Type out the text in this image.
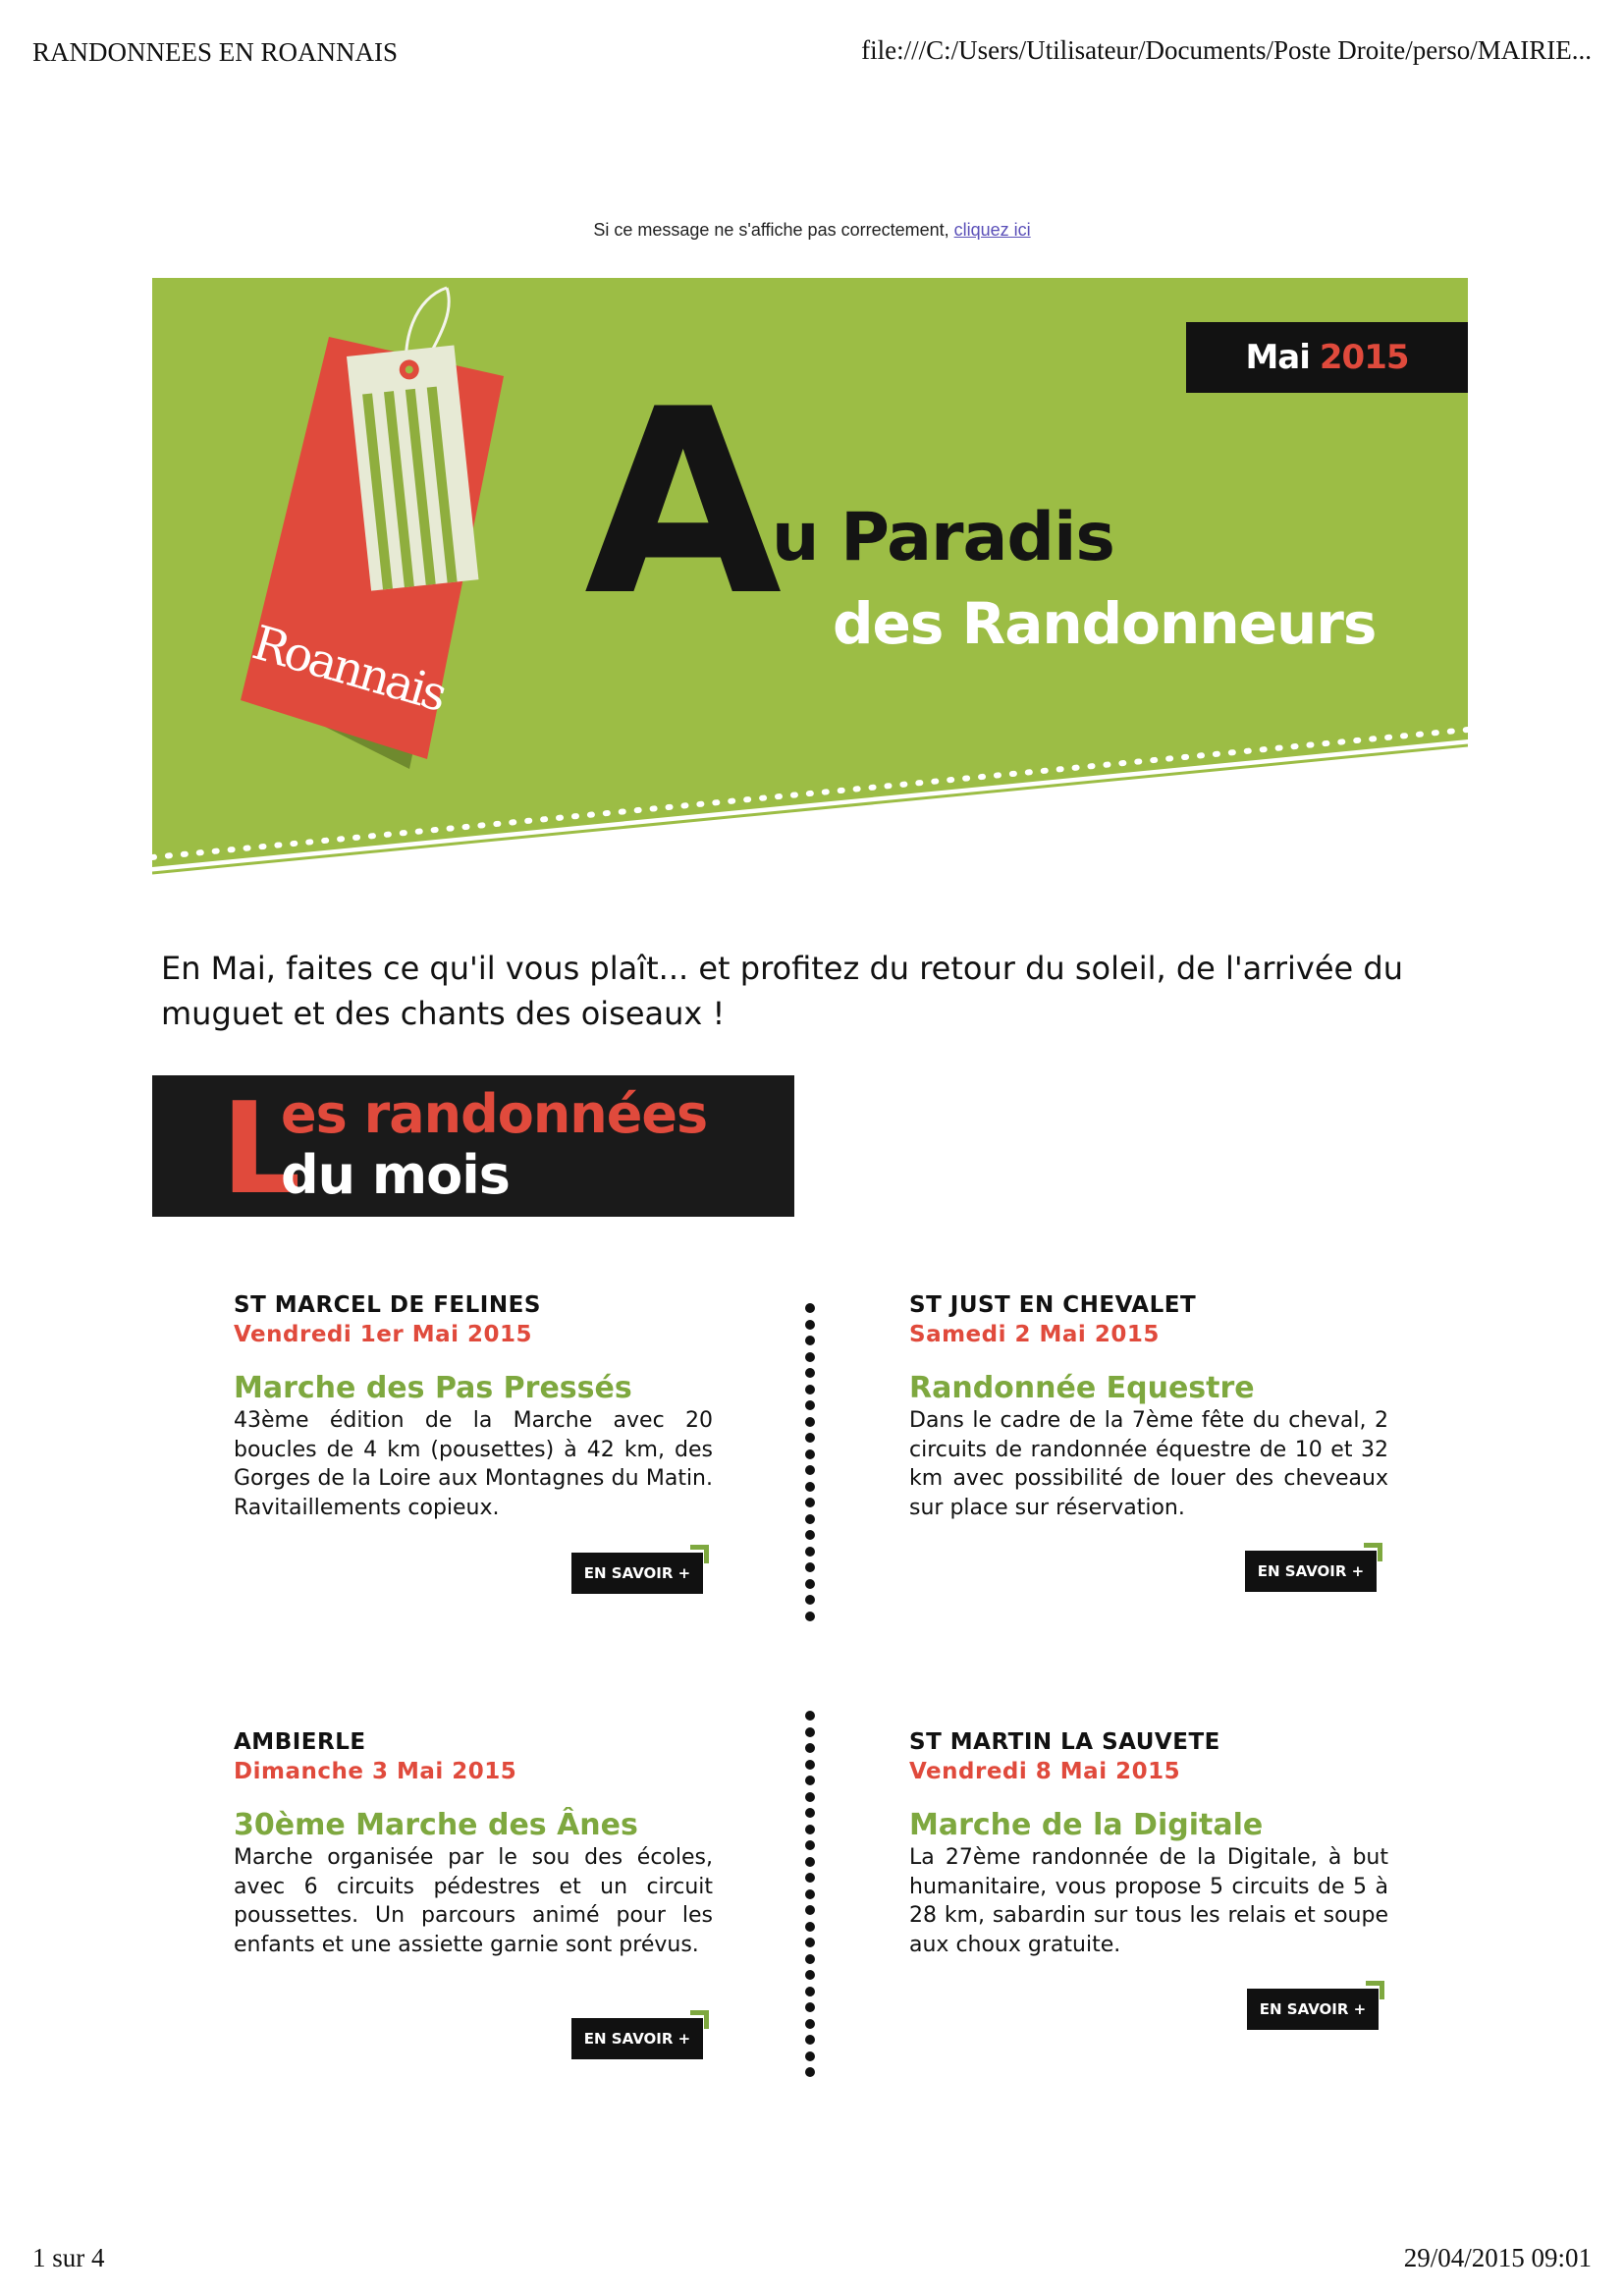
RANDONNEES EN ROANNAIS	file:///C:/Users/Utilisateur/Documents/Poste Droite/perso/MAIRIE...
Si ce message ne s'affiche pas correctement, cliquez ici
Mai 2015
Roannais
A
u Paradis
des Randonneurs
En Mai, faites ce qu'il vous plaît... et profitez du retour du soleil, de l'arrivée du muguet et des chants des oiseaux !
L
es randonnées
du mois
ST MARCEL DE FELINES
Vendredi 1er Mai 2015
Marche des Pas Pressés
43ème édition de la Marche avec 20 boucles de 4 km (pousettes) à 42 km, des Gorges de la Loire aux Montagnes du Matin. Ravitaillements copieux.
EN SAVOIR +
ST JUST EN CHEVALET
Samedi 2 Mai 2015
Randonnée Equestre
Dans le cadre de la 7ème fête du cheval, 2 circuits de randonnée équestre de 10 et 32 km avec possibilité de louer des cheveaux sur place sur réservation.
EN SAVOIR +
AMBIERLE
Dimanche 3 Mai 2015
30ème Marche des Ânes
Marche organisée par le sou des écoles, avec 6 circuits pédestres et un circuit poussettes. Un parcours animé pour les enfants et une assiette garnie sont prévus.
EN SAVOIR +
ST MARTIN LA SAUVETE
Vendredi 8 Mai 2015
Marche de la Digitale
La 27ème randonnée de la Digitale, à but humanitaire, vous propose 5 circuits de 5 à 28 km, sabardin sur tous les relais et soupe aux choux gratuite.
EN SAVOIR +
1 sur 4	29/04/2015 09:01
